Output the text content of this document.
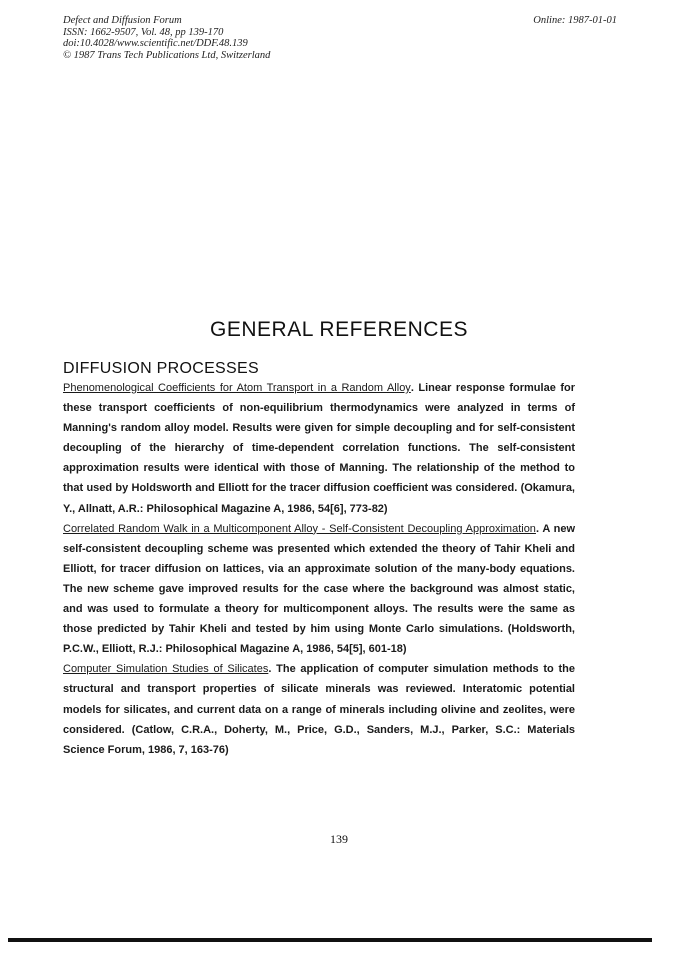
Defect and Diffusion Forum
ISSN: 1662-9507, Vol. 48, pp 139-170
doi:10.4028/www.scientific.net/DDF.48.139
© 1987 Trans Tech Publications Ltd, Switzerland
Online: 1987-01-01
GENERAL REFERENCES
DIFFUSION PROCESSES

Phenomenological Coefficients for Atom Transport in a Random Alloy. Linear response formulae for these transport coefficients of non-equilibrium thermodynamics were analyzed in terms of Manning's random alloy model. Results were given for simple decoupling and for self-consistent decoupling of the hierarchy of time-dependent correlation functions. The self-consistent approximation results were identical with those of Manning. The relationship of the method to that used by Holdsworth and Elliott for the tracer diffusion coefficient was considered. (Okamura, Y., Allnatt, A.R.: Philosophical Magazine A, 1986, 54[6], 773-82)

Correlated Random Walk in a Multicomponent Alloy - Self-Consistent Decoupling Approximation. A new self-consistent decoupling scheme was presented which extended the theory of Tahir Kheli and Elliott, for tracer diffusion on lattices, via an approximate solution of the many-body equations. The new scheme gave improved results for the case where the background was almost static, and was used to formulate a theory for multicomponent alloys. The results were the same as those predicted by Tahir Kheli and tested by him using Monte Carlo simulations. (Holdsworth, P.C.W., Elliott, R.J.: Philosophical Magazine A, 1986, 54[5], 601-18)

Computer Simulation Studies of Silicates. The application of computer simulation methods to the structural and transport properties of silicate minerals was reviewed. Interatomic potential models for silicates, and current data on a range of minerals including olivine and zeolites, were considered. (Catlow, C.R.A., Doherty, M., Price, G.D., Sanders, M.J., Parker, S.C.: Materials Science Forum, 1986, 7, 163-76)

139
